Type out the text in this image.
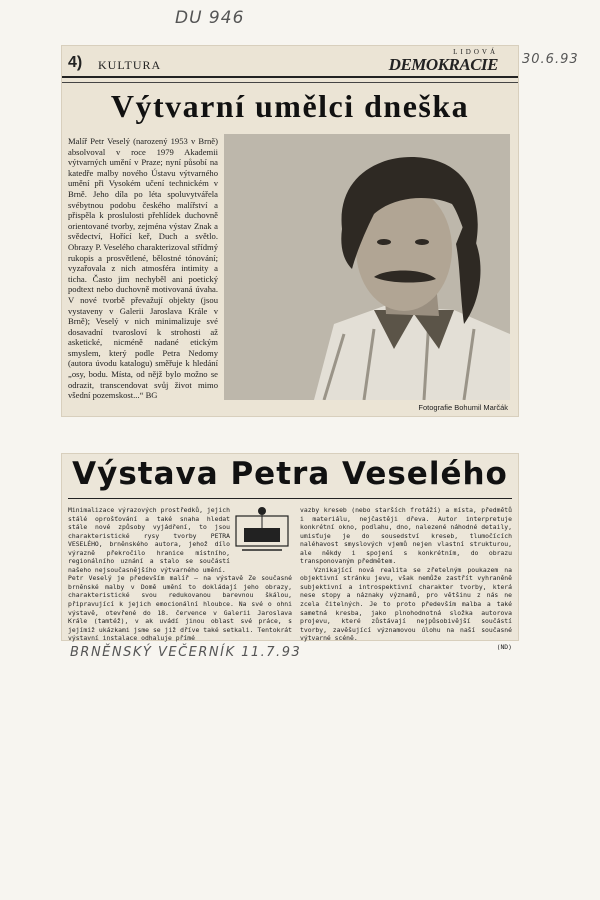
DU 946
30.6.93
4) KULTURA
LIDOVÁ
DEMOKRACIE
Výtvarní umělci dneška

Malíř Petr Veselý (narozený 1953 v Brně) absolvoval v roce 1979 Akademii výtvarných umění v Praze; nyní působí na katedře malby nového Ústavu výtvarného umění při Vysokém učení technickém v Brně. Jeho díla po léta spoluvytvářela svébytnou podobu českého malířství a přispěla k proslulosti přehlídek duchovně orientované tvorby, zejména výstav Znak a svědectví, Hořící keř, Duch a světlo. Obrazy P. Veselého charakterizoval střídmý rukopis a prosvětlené, bělostné tónování; vyzařovala z nich atmosféra intimity a ticha. Často jim nechyběl ani poetický podtext nebo duchovně motivovaná úvaha. V nové tvorbě převažují objekty (jsou vystaveny v Galerii Jaroslava Krále v Brně); Veselý v nich minimalizuje své dosavadní tvarosloví k strohosti až asketické, nicméně nadané etickým smyslem, který podle Petra Nedomy (autora úvodu katalogu) směřuje k hledání „osy, bodu. Místa, od nějž bylo možno se odrazit, transcendovat svůj život mimo všední pozemskost...“ BG

Fotografie Bohumil Marčák
Výstava Petra Veselého

Minimalizace výrazových prostředků, jejich stálé oprošťování a také snaha hledat stále nové způsoby vyjádření, to jsou charakteristické rysy tvorby PETRA VESELÉHO, brněnského autora, jehož dílo výrazně překročilo hranice místního, regionálního uznání a stalo se součástí našeho nejsoučasnějšího výtvarného umění.

Petr Veselý je především malíř — na výstavě Ze současné brněnské malby v Domě umění to dokládají jeho obrazy, charakteristické svou redukovanou barevnou škálou, připravující k jejich emocionální hloubce. Na své o ohni výstavě, otevřené do 18. července v Galerii Jaroslava Krále (tamtéž), v ak uvádí jinou oblast své práce, s jejímiž ukázkami jsme se již dříve také setkali. Tentokrát výstavní instalace odhaluje přímé

vazby kreseb (nebo starších frotáží) a místa, předmětů i materiálu, nejčastěji dřeva. Autor interpretuje konkrétní okno, podlahu, dno, nalezené náhodné detaily, umisťuje je do sousedství kreseb, tlumočících naléhavost smyslových vjemů nejen vlastní strukturou, ale někdy i spojení s konkrétním, do obrazu transponovaným předmětem.

Vznikající nová realita se zřetelným poukazem na objektivní stránku jevu, však nemůže zastřít vyhraněně subjektivní a introspektivní charakter tvorby, která nese stopy a náznaky významů, pro většinu z nás ne zcela čitelných. Je to proto především malba a také sametná kresba, jako plnohodnotná složka autorova projevu, které zůstávají nejpůsobivější součástí tvorby, zavěšující významovou úlohu na naší současné výtvarné scéně.

(ND)

BRNĚNSKÝ VEČERNÍK 11.7.93
